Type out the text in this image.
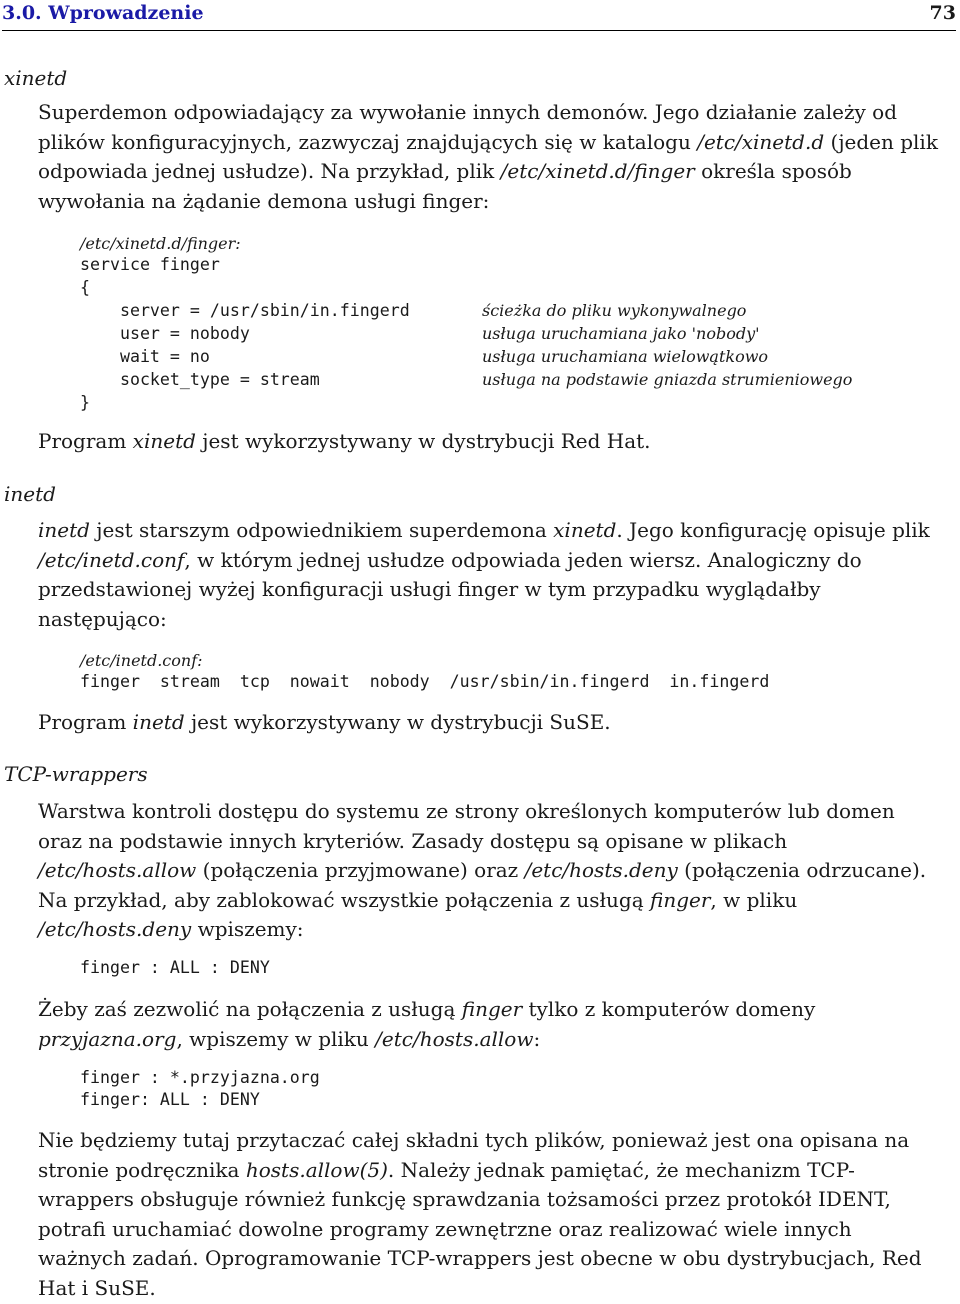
3.0. Wprowadzenie	73
xinetd
Superdemon odpowiadający za wywołanie innych demonów. Jego działanie zależy od plików konfiguracyjnych, zazwyczaj znajdujących się w katalogu /etc/xinetd.d (jeden plik odpowiada jednej usłudze). Na przykład, plik /etc/xinetd.d/finger określa sposób wywołania na żądanie demona usługi finger:
/etc/xinetd.d/finger:
service finger
{
server = /usr/sbin/in.fingerd
user = nobody
wait = no
socket_type = stream
}
ścieżka do pliku wykonywalnego
usługa uruchamiana jako 'nobody'
usługa uruchamiana wielowątkowo
usługa na podstawie gniazda strumieniowego
Program xinetd jest wykorzystywany w dystrybucji Red Hat.
inetd
inetd jest starszym odpowiednikiem superdemona xinetd. Jego konfigurację opisuje plik /etc/inetd.conf, w którym jednej usłudze odpowiada jeden wiersz. Analogiczny do przedstawionej wyżej konfiguracji usługi finger w tym przypadku wyglądałby następująco:
/etc/inetd.conf:
finger  stream  tcp  nowait  nobody  /usr/sbin/in.fingerd  in.fingerd
Program inetd jest wykorzystywany w dystrybucji SuSE.
TCP-wrappers
Warstwa kontroli dostępu do systemu ze strony określonych komputerów lub domen oraz na podstawie innych kryteriów. Zasady dostępu są opisane w plikach /etc/hosts.allow (połączenia przyjmowane) oraz /etc/hosts.deny (połączenia odrzucane). Na przykład, aby zablokować wszystkie połączenia z usługą finger, w pliku /etc/hosts.deny wpiszemy:
finger : ALL : DENY
Żeby zaś zezwolić na połączenia z usługą finger tylko z komputerów domeny przyjazna.org, wpiszemy w pliku /etc/hosts.allow:
finger : *.przyjazna.org
finger: ALL : DENY
Nie będziemy tutaj przytaczać całej składni tych plików, ponieważ jest ona opisana na stronie podręcznika hosts.allow(5). Należy jednak pamiętać, że mechanizm TCP-wrappers obsługuje również funkcję sprawdzania tożsamości przez protokół IDENT, potrafi uruchamiać dowolne programy zewnętrzne oraz realizować wiele innych ważnych zadań. Oprogramowanie TCP-wrappers jest obecne w obu dystrybucjach, Red Hat i SuSE.
